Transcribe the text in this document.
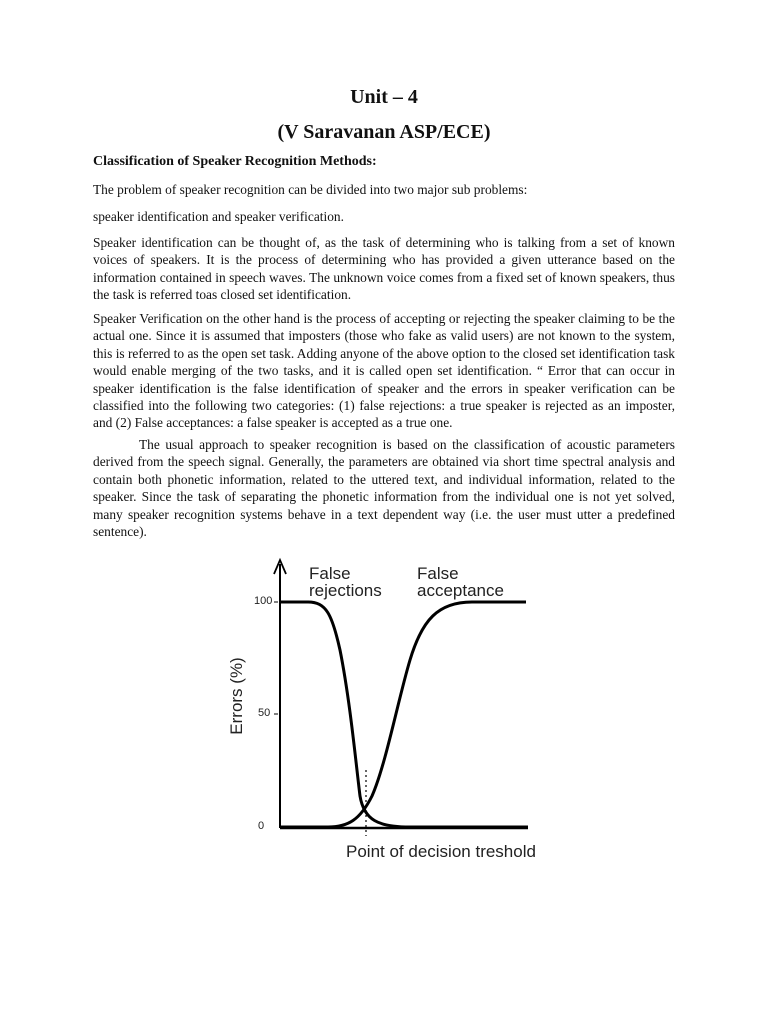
Unit – 4
(V Saravanan ASP/ECE)
Classification of Speaker Recognition Methods:

The problem of speaker recognition can be divided into two major sub problems:

speaker identification and speaker verification.

Speaker identification can be thought of, as the task of determining who is talking from a set of known voices of speakers. It is the process of determining who has provided a given utterance based on the information contained in speech waves. The unknown voice comes from a fixed set of known speakers, thus the task is referred toas closed set identification.

Speaker Verification on the other hand is the process of accepting or rejecting the speaker claiming to be the actual one. Since it is assumed that imposters (those who fake as valid users) are not known to the system, this is referred to as the open set task. Adding anyone of the above option to the closed set identification task would enable merging of the two tasks, and it is called open set identification. “ Error that can occur in speaker identification is the false identification of speaker and the errors in speaker verification can be classified into the following two categories: (1) false rejections: a true speaker is rejected as an imposter, and (2) False acceptances: a false speaker is accepted as a true one.

The usual approach to speaker recognition is based on the classification of acoustic parameters derived from the speech signal. Generally, the parameters are obtained via short time spectral analysis and contain both phonetic information, related to the uttered text, and individual information, related to the speaker. Since the task of separating the phonetic information from the individual one is not yet solved, many speaker recognition systems behave in a text dependent way (i.e. the user must utter a predefined sentence).

100
50
0
Errors (%)
False
rejections
False
acceptance
Point of decision treshold
